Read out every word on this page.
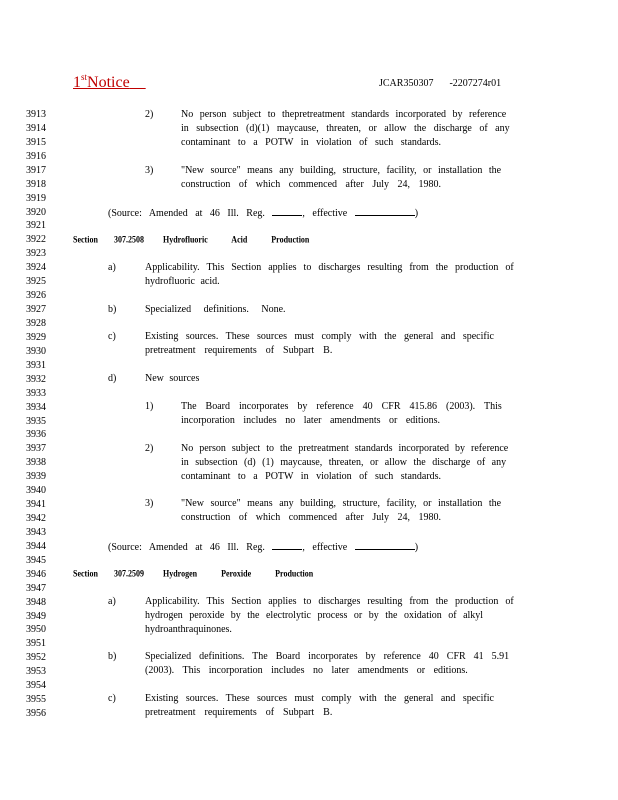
1stNotice	JCAR350307 -2207274r01
3913
3914
3915
3916
3917
3918
3919
3920
3921
3922
3923
3924
3925
3926
3927
3928
3929
3930
3931
3932
3933
3934
3935
3936
3937
3938
3939
3940
3941
3942
3943
3944
3945
3946
3947
3948
3949
3950
3951
3952
3953
3954
3955
3956
2)	No person subject to thepretreatment standards incorporated by reference
in subsection (d)(1) maycause, threaten, or allow the discharge of any
contaminant to a POTW in violation of such standards.
3)	"New source" means any building, structure, facility, or installation the
construction of which commenced after July 24, 1980.
(Source: Amended at 46 Ill. Reg.	, effective	)
Section 307.2508 Hydrofluoric Acid Production
a)	Applicability. This Section applies to discharges resulting from the production of
hydrofluoric acid.
b)	Specialized definitions. None.
c)	Existing sources. These sources must comply with the general and specific
pretreatment requirements of Subpart B.
d)	New sources
1)	The Board incorporates by reference 40 CFR 415.86 (2003). This
incorporation includes no later amendments or editions.
2)	No person subject to the pretreatment standards incorporated by reference
in subsection (d) (1) maycause, threaten, or allow the discharge of any
contaminant to a POTW in violation of such standards.
3)	"New source" means any building, structure, facility, or installation the
construction of which commenced after July 24, 1980.
(Source: Amended at 46 Ill. Reg.	, effective	)
Section 307.2509 Hydrogen Peroxide Production
a)	Applicability. This Section applies to discharges resulting from the production of
hydrogen peroxide by the electrolytic process or by the oxidation of alkyl
hydroanthraquinones.
b)	Specialized definitions. The Board incorporates by reference 40 CFR 41 5.91
(2003). This incorporation includes no later amendments or editions.
c)	Existing sources. These sources must comply with the general and specific
pretreatment requirements of Subpart B.
